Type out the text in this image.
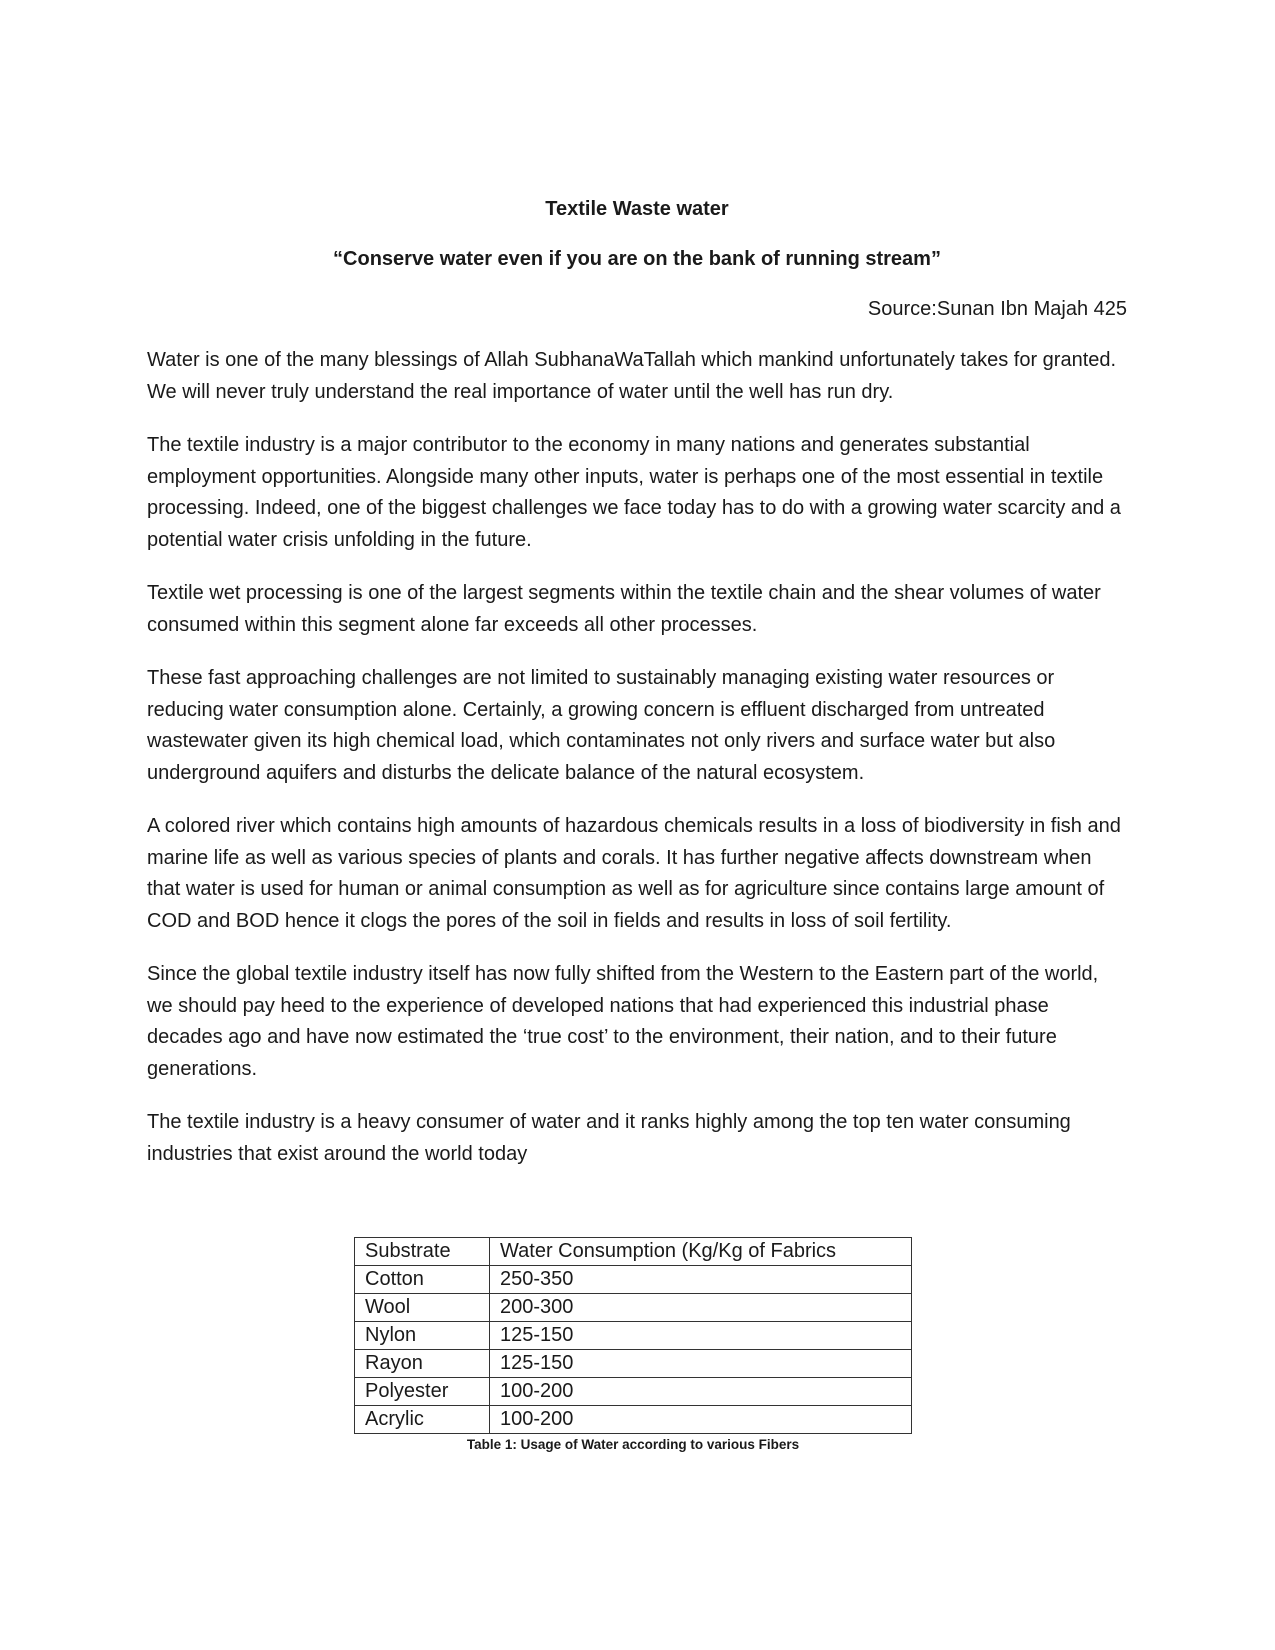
Textile Waste water

“Conserve water even if you are on the bank of running stream”

Source:Sunan Ibn Majah 425

Water is one of the many blessings of Allah SubhanaWaTallah which mankind unfortunately takes for granted. We will never truly understand the real importance of water until the well has run dry.

The textile industry is a major contributor to the economy in many nations and generates substantial employment opportunities. Alongside many other inputs, water is perhaps one of the most essential in textile processing. Indeed, one of the biggest challenges we face today has to do with a growing water scarcity and a potential water crisis unfolding in the future.

Textile wet processing is one of the largest segments within the textile chain and the shear volumes of water consumed within this segment alone far exceeds all other processes.

These fast approaching challenges are not limited to sustainably managing existing water resources or reducing water consumption alone. Certainly, a growing concern is effluent discharged from untreated wastewater given its high chemical load, which contaminates not only rivers and surface water but also underground aquifers and disturbs the delicate balance of the natural ecosystem.

A colored river which contains high amounts of hazardous chemicals results in a loss of biodiversity in fish and marine life as well as various species of plants and corals. It has further negative affects downstream when that water is used for human or animal consumption as well as for agriculture since contains large amount of COD and BOD hence it clogs the pores of the soil in fields and results in loss of soil fertility.

Since the global textile industry itself has now fully shifted from the Western to the Eastern part of the world, we should pay heed to the experience of developed nations that had experienced this industrial phase decades ago and have now estimated the ‘true cost’ to the environment, their nation, and to their future generations.

The textile industry is a heavy consumer of water and it ranks highly among the top ten water consuming industries that exist around the world today

Substrate	Water Consumption (Kg/Kg of Fabrics
Cotton	250-350
Wool	200-300
Nylon	125-150
Rayon	125-150
Polyester	100-200
Acrylic	100-200
Table 1: Usage of Water according to various Fibers
